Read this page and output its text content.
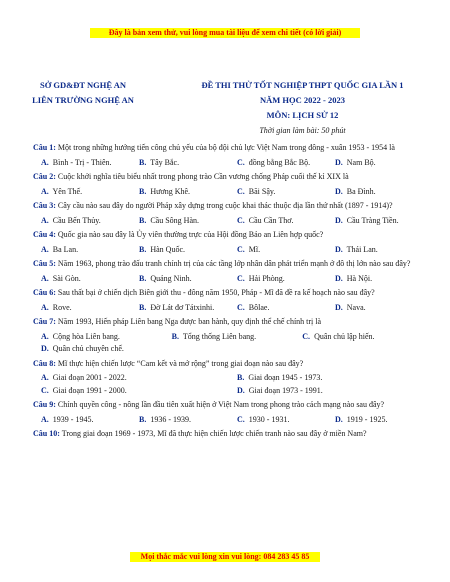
Đây là bản xem thử, vui lòng mua tài liệu để xem chi tiết (có lời giải)
SỞ GD&ĐT NGHỆ AN
LIÊN TRƯỜNG NGHỆ AN
ĐỀ THI THỬ TỐT NGHIỆP THPT QUỐC GIA LẦN 1
NĂM HỌC 2022 - 2023
MÔN: LỊCH SỬ 12
Thời gian làm bài: 50 phút

Câu 1: Một trong những hướng tiến công chủ yếu của bộ đội chủ lực Việt Nam trong đông - xuân 1953 - 1954 là

A. Bình - Trị - Thiên.	B. Tây Bắc.	C. đồng bằng Bắc Bộ.	D. Nam Bộ.

Câu 2: Cuộc khởi nghĩa tiêu biểu nhất trong phong trào Cần vương chống Pháp cuối thế kỉ XIX là

A. Yên Thế.	B. Hương Khê.	C. Bãi Sậy.	D. Ba Đình.

Câu 3: Cây cầu nào sau đây do người Pháp xây dựng trong cuộc khai thác thuộc địa lần thứ nhất (1897 - 1914)?

A. Cầu Bến Thủy.	B. Cầu Sông Hàn.	C. Cầu Cần Thơ.	D. Cầu Tràng Tiền.

Câu 4: Quốc gia nào sau đây là Ủy viên thường trực của Hội đồng Bảo an Liên hợp quốc?

A. Ba Lan.	B. Hàn Quốc.	C. Mĩ.	D. Thái Lan.

Câu 5: Năm 1963, phong trào đấu tranh chính trị của các tầng lớp nhân dân phát triển mạnh ở đô thị lớn nào sau đây?

A. Sài Gòn.	B. Quảng Ninh.	C. Hải Phòng.	D. Hà Nội.

Câu 6: Sau thất bại ở chiến dịch Biên giới thu - đông năm 1950, Pháp - Mĩ đã đề ra kế hoạch nào sau đây?

A. Rove.	B. Đờ Lát đơ Tátxinhi.	C. Bôlae.	D. Nava.

Câu 7: Năm 1993, Hiến pháp Liên bang Nga được ban hành, quy định thể chế chính trị là

A. Cộng hòa Liên bang.	B. Tổng thống Liên bang.	C. Quân chủ lập hiến.
D. Quân chủ chuyên chế.

Câu 8: Mĩ thực hiện chiến lược “Cam kết và mở rộng” trong giai đoạn nào sau đây?

A. Giai đoạn 2001 - 2022.	B. Giai đoạn 1945 - 1973.
C. Giai đoạn 1991 - 2000.	D. Giai đoạn 1973 - 1991.

Câu 9: Chính quyền công - nông lần đầu tiên xuất hiện ở Việt Nam trong phong trào cách mạng nào sau đây?

A. 1939 - 1945.	B. 1936 - 1939.	C. 1930 - 1931.	D. 1919 - 1925.

Câu 10: Trong giai đoạn 1969 - 1973, Mĩ đã thực hiện chiến lược chiến tranh nào sau đây ở miền Nam?

Mọi thắc mắc vui lòng xin vui lòng: 084 283 45 85
